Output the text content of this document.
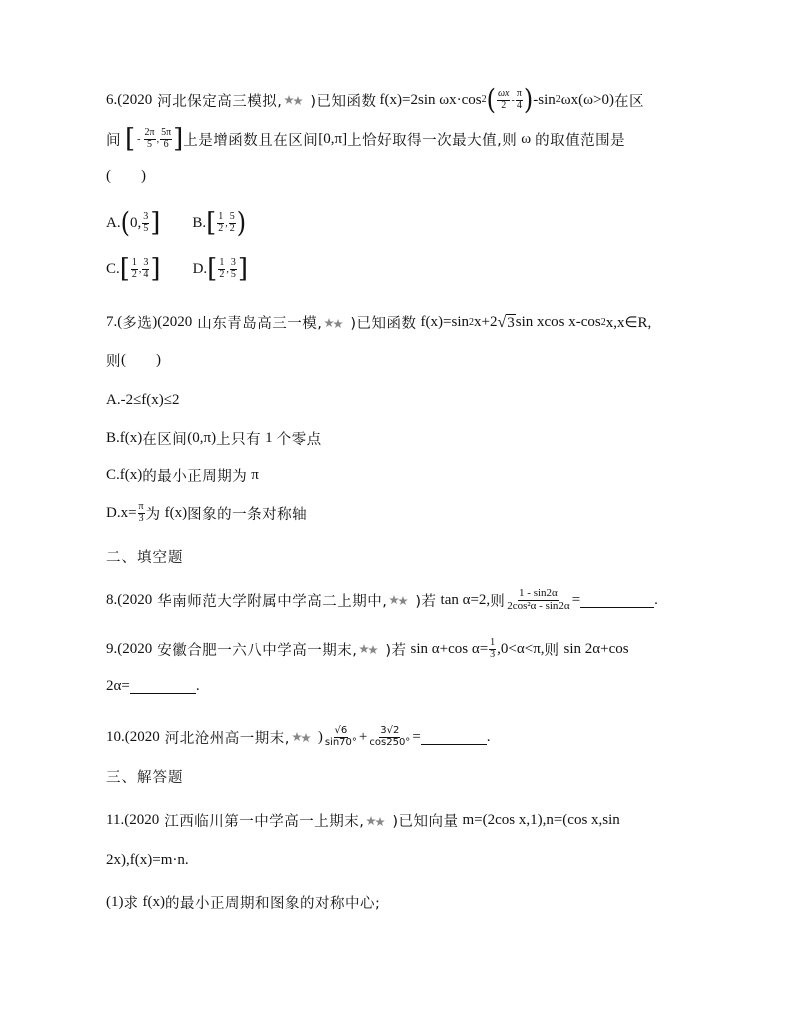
6.(2020 河北保定高三模拟, )已知函数 f(x)=2sin ωx·cos 2 ( $\frac{\omega x}{2} - \frac{\pi}{4}$ ) -sin 2 ωx(ω>0) 在区
间 [ - $\frac{2\pi}{5}$ , $\frac{5\pi}{6}$ ] 上是增函数且在区间 [0,π] 上恰好取得一次最大值,则 ω 的取值范围是
(        )
A. ( 0, $\frac{3}{5}$ ] B. [ $\frac{1}{2}$ , $\frac{5}{2}$ )
C. [ $\frac{1}{2}$ , $\frac{3}{4}$ ] D. [ $\frac{1}{2}$ , $\frac{3}{5}$ ]
7.( 多选 )(2020 山东青岛高三一模, )已知函数 f(x)=sin 2 x+2 √ 3 sin xcos x-cos 2 x,x∈R,
则 (        )
A.-2≤f(x)≤2
B.f(x) 在区间 (0,π) 上只有 1 个零点
C.f(x) 的最小正周期为 π
$D.x= \frac{\pi}{3}$ 为 f(x) 图象的一条对称轴
二、填空题
8.(2020 华南师范大学附属中学高二上期中, )若 tan α=2, 则 $\frac{1 - \sin 2\alpha}{\text{2cos²α - sin2α}}$ =	.
9.(2020 安徽合肥一六八中学高一期末, )若 sin α+cos $\alpha= \frac{1}{3} ,0<\alpha<\pi$, 则 sin 2α+cos
2α=	.
10.(2020 河北沧州高一期末, ) $\frac{√6}{\sin 70^\circ} + \frac{3√2}{\cos 250^\circ}$ =	.
三、解答题
11.(2020 江西临川第一中学高一上期末, )已知向量 m=(2cos x,1),n=(cos x,sin
2x),f(x)=m·n.
(1) 求 f(x) 的最小正周期和图象的对称中心;
